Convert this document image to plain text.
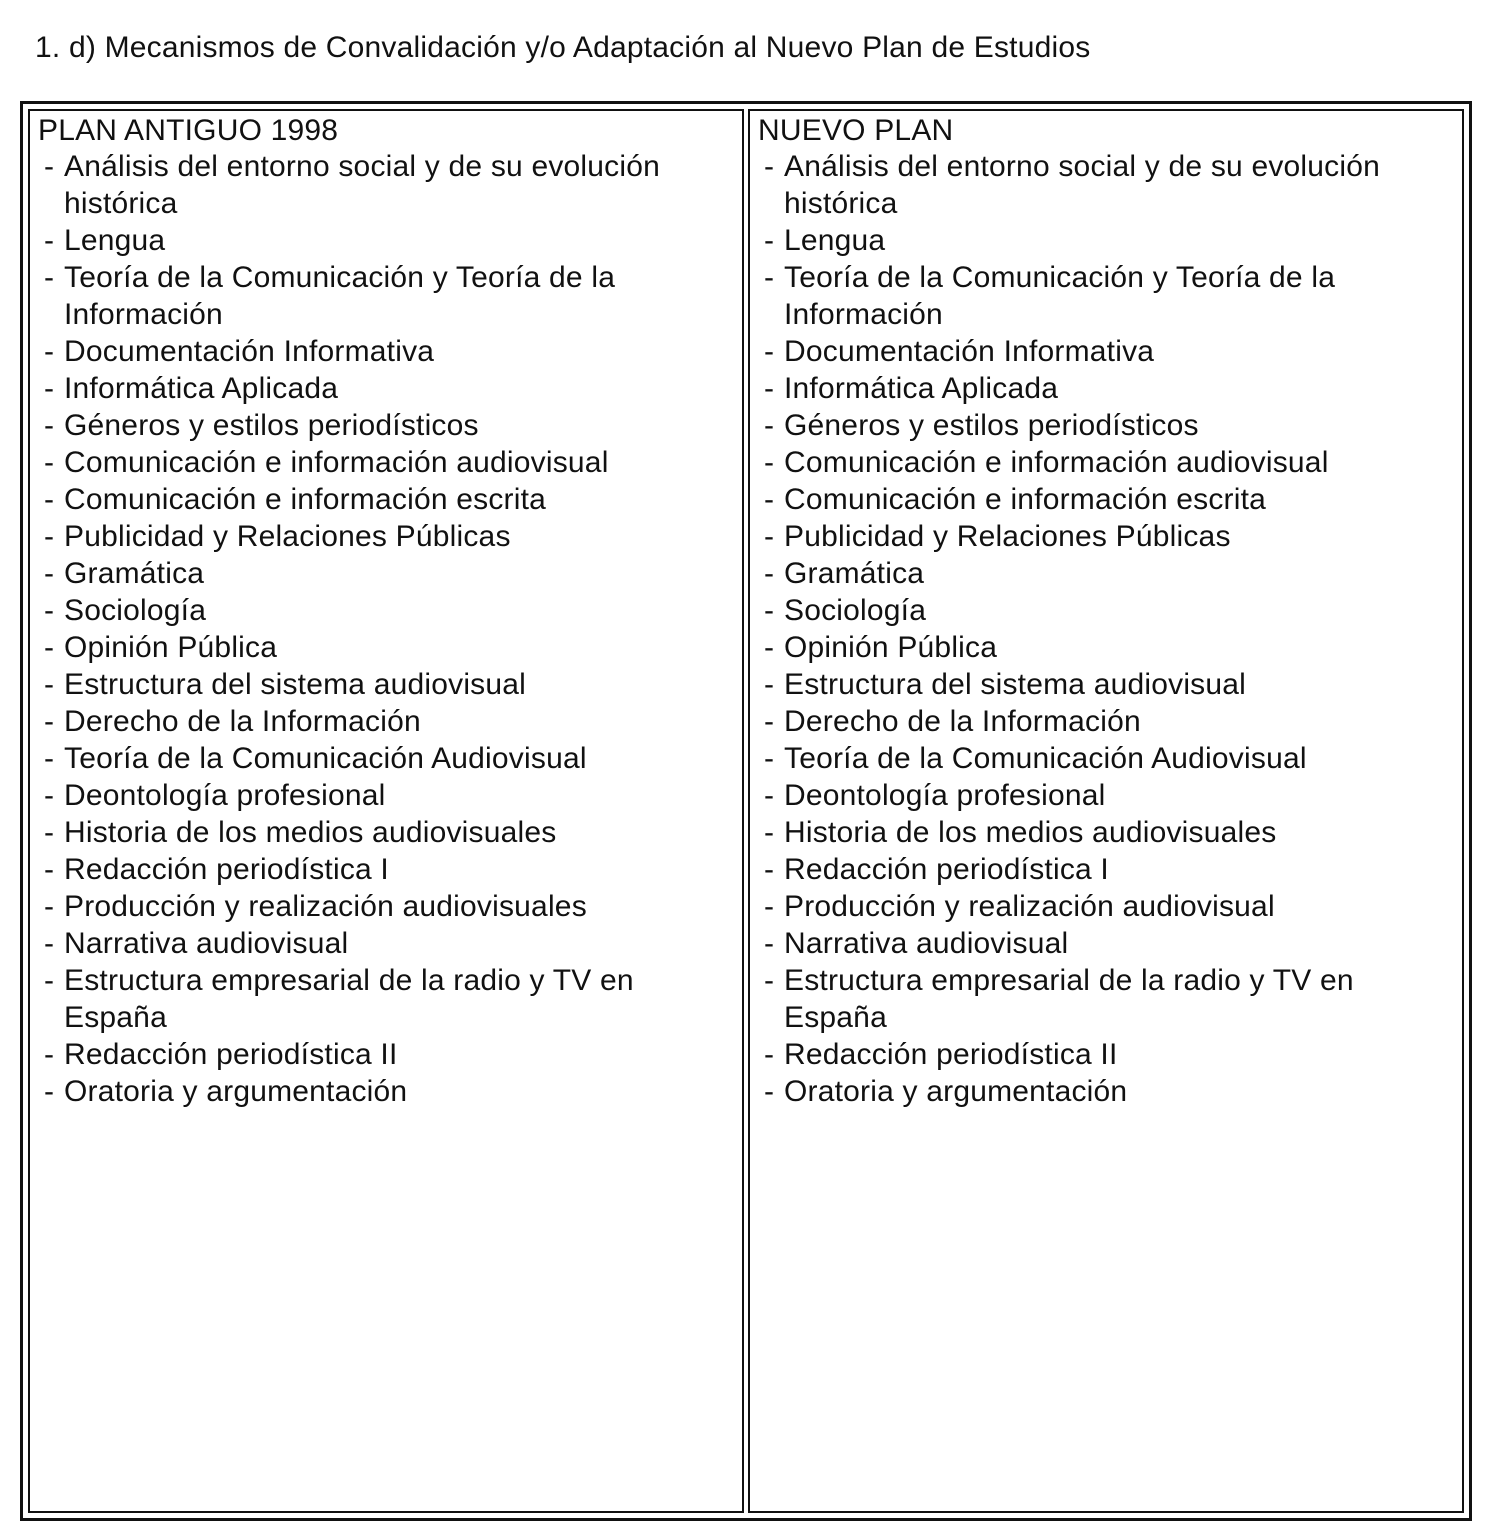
1. d) Mecanismos de Convalidación y/o Adaptación al Nuevo Plan de Estudios
PLAN ANTIGUO 1998
- Análisis del entorno social y de su evolución histórica
- Lengua
- Teoría de la Comunicación y Teoría de la Información
- Documentación Informativa
- Informática Aplicada
- Géneros y estilos periodísticos
- Comunicación e información audiovisual
- Comunicación e información escrita
- Publicidad y Relaciones Públicas
- Gramática
- Sociología
- Opinión Pública
- Estructura del sistema audiovisual
- Derecho de la Información
- Teoría de la Comunicación Audiovisual
- Deontología profesional
- Historia de los medios audiovisuales
- Redacción periodística I
- Producción y realización audiovisuales
- Narrativa audiovisual
- Estructura empresarial de la radio y TV en España
- Redacción periodística II
- Oratoria y argumentación
NUEVO PLAN
- Análisis del entorno social y de su evolución histórica
- Lengua
- Teoría de la Comunicación y Teoría de la Información
- Documentación Informativa
- Informática Aplicada
- Géneros y estilos periodísticos
- Comunicación e información audiovisual
- Comunicación e información escrita
- Publicidad y Relaciones Públicas
- Gramática
- Sociología
- Opinión Pública
- Estructura del sistema audiovisual
- Derecho de la Información
- Teoría de la Comunicación Audiovisual
- Deontología profesional
- Historia de los medios audiovisuales
- Redacción periodística I
- Producción y realización audiovisual
- Narrativa audiovisual
- Estructura empresarial de la radio y TV en España
- Redacción periodística II
- Oratoria y argumentación
